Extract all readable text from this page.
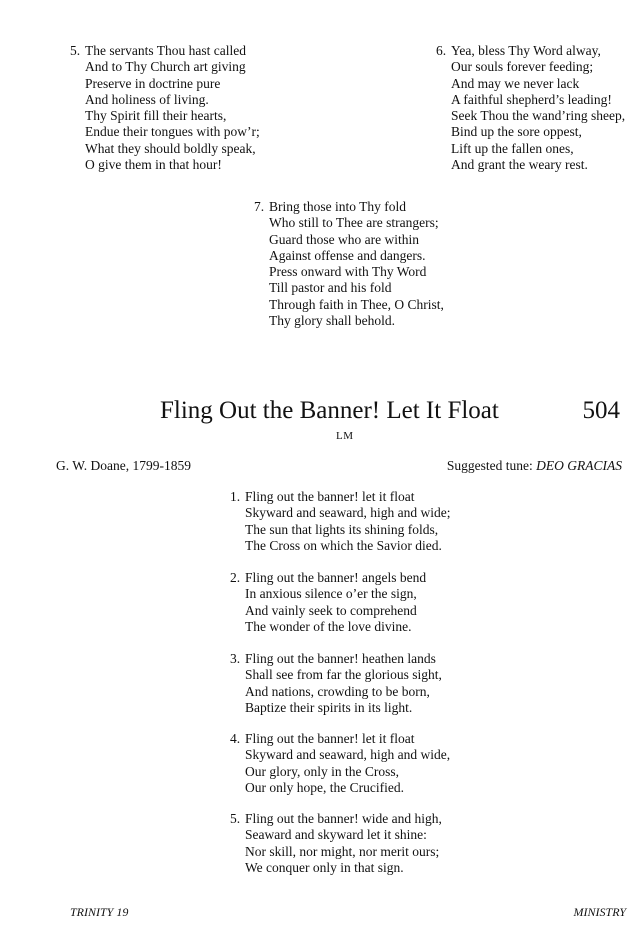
5. The servants Thou hast called
And to Thy Church art giving
Preserve in doctrine pure
And holiness of living.
Thy Spirit fill their hearts,
Endue their tongues with pow’r;
What they should boldly speak,
O give them in that hour!
6. Yea, bless Thy Word alway,
Our souls forever feeding;
And may we never lack
A faithful shepherd’s leading!
Seek Thou the wand’ring sheep,
Bind up the sore oppest,
Lift up the fallen ones,
And grant the weary rest.
7. Bring those into Thy fold
Who still to Thee are strangers;
Guard those who are within
Against offense and dangers.
Press onward with Thy Word
Till pastor and his fold
Through faith in Thee, O Christ,
Thy glory shall behold.
Fling Out the Banner! Let It Float	504
LM
G. W. Doane, 1799-1859	Suggested tune: DEO GRACIAS
1. Fling out the banner! let it float
Skyward and seaward, high and wide;
The sun that lights its shining folds,
The Cross on which the Savior died.
2. Fling out the banner! angels bend
In anxious silence o’er the sign,
And vainly seek to comprehend
The wonder of the love divine.
3. Fling out the banner! heathen lands
Shall see from far the glorious sight,
And nations, crowding to be born,
Baptize their spirits in its light.
4. Fling out the banner! let it float
Skyward and seaward, high and wide,
Our glory, only in the Cross,
Our only hope, the Crucified.
5. Fling out the banner! wide and high,
Seaward and skyward let it shine:
Nor skill, nor might, nor merit ours;
We conquer only in that sign.
TRINITY 19	MINISTRY
